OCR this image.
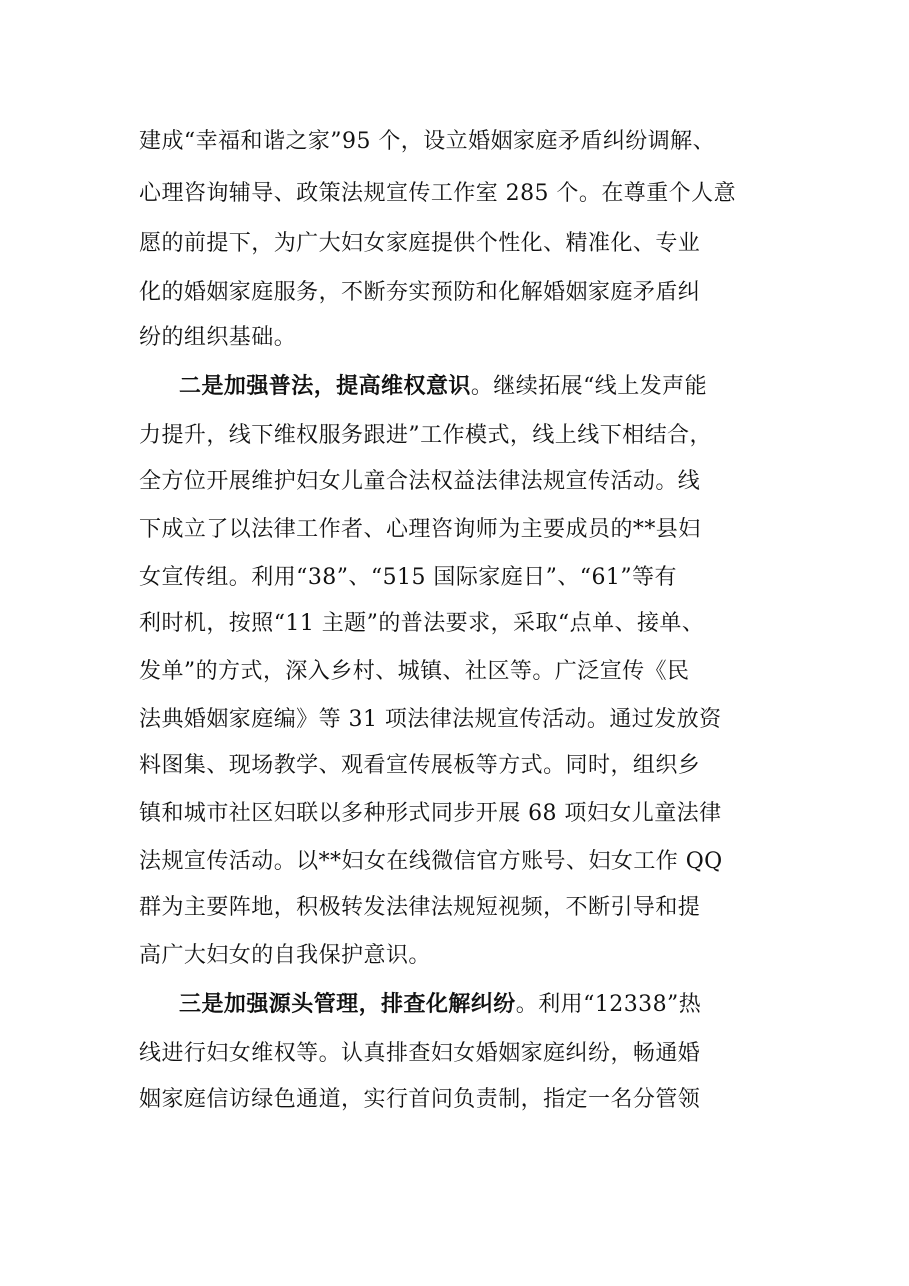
建成“幸福和谐之家”95 个，设立婚姻家庭矛盾纠纷调解、
心理咨询辅导、政策法规宣传工作室 285 个。在尊重个人意
愿的前提下，为广大妇女家庭提供个性化、精准化、专业
化的婚姻家庭服务，不断夯实预防和化解婚姻家庭矛盾纠
纷的组织基础。
二是加强普法，提高维权意识。继续拓展“线上发声能
力提升，线下维权服务跟进”工作模式，线上线下相结合，
全方位开展维护妇女儿童合法权益法律法规宣传活动。线
下成立了以法律工作者、心理咨询师为主要成员的**县妇
女宣传组。利用“38”、“515 国际家庭日”、“61”等有
利时机，按照“11 主题”的普法要求，采取“点单、接单、
发单”的方式，深入乡村、城镇、社区等。广泛宣传《民
法典婚姻家庭编》等 31 项法律法规宣传活动。通过发放资
料图集、现场教学、观看宣传展板等方式。同时，组织乡
镇和城市社区妇联以多种形式同步开展 68 项妇女儿童法律
法规宣传活动。以**妇女在线微信官方账号、妇女工作 QQ
群为主要阵地，积极转发法律法规短视频，不断引导和提
高广大妇女的自我保护意识。
三是加强源头管理，排查化解纠纷。利用“12338”热
线进行妇女维权等。认真排查妇女婚姻家庭纠纷，畅通婚
姻家庭信访绿色通道，实行首问负责制，指定一名分管领
